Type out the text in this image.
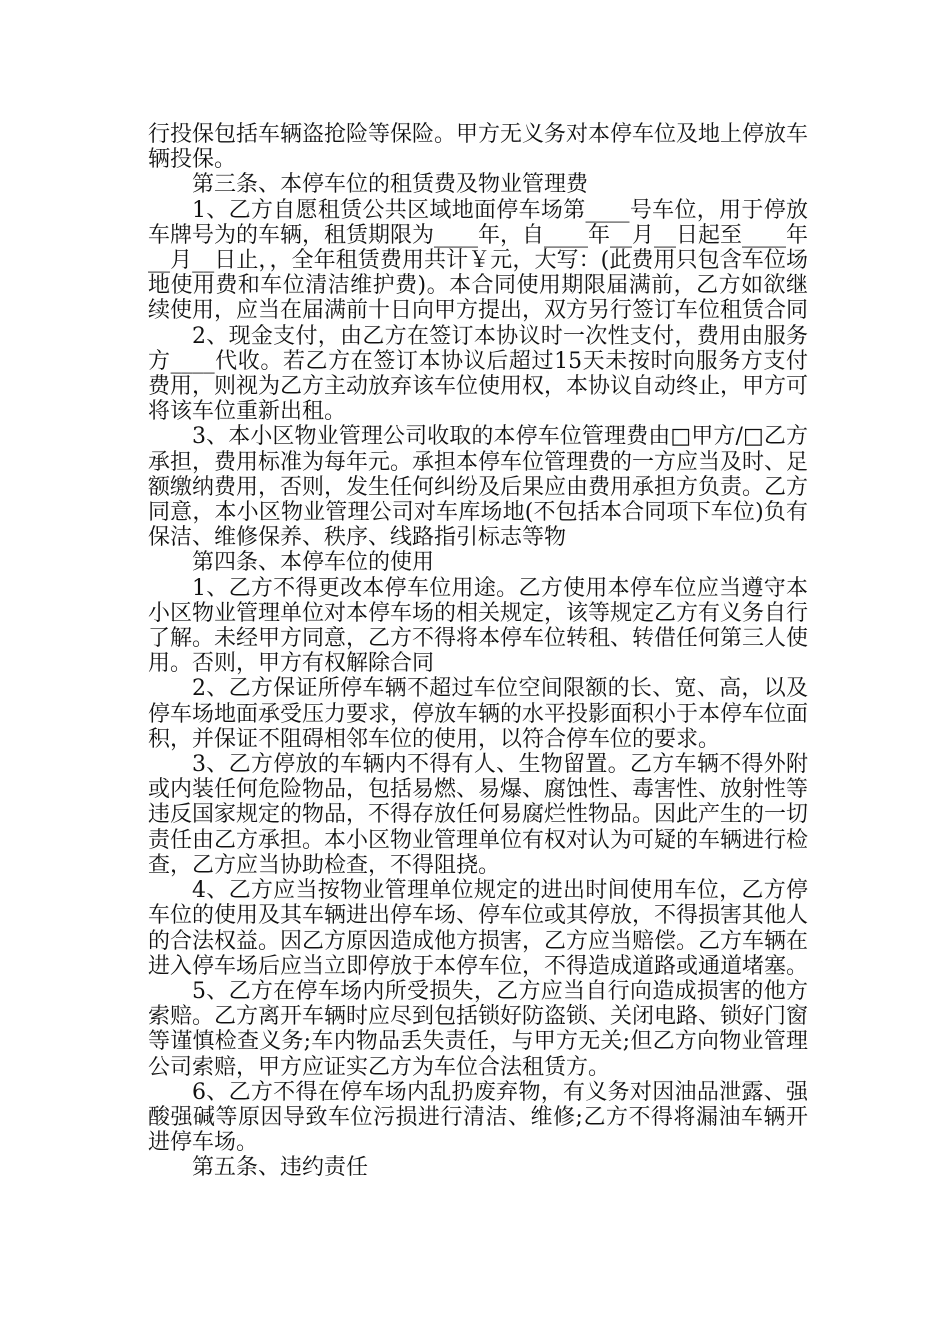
行投保包括车辆盗抢险等保险。甲方无义务对本停车位及地上停放车辆投保。

第三条、本停车位的租赁费及物业管理费

1、乙方自愿租赁公共区域地面停车场第____号车位，用于停放车牌号为的车辆，租赁期限为____年，自____年__月__日起至____年__月__日止，，全年租赁费用共计￥元，大写：(此费用只包含车位场地使用费和车位清洁维护费)。本合同使用期限届满前，乙方如欲继续使用，应当在届满前十日向甲方提出，双方另行签订车位租赁合同

2、现金支付，由乙方在签订本协议时一次性支付，费用由服务方____代收。若乙方在签订本协议后超过15天未按时向服务方支付费用，则视为乙方主动放弃该车位使用权，本协议自动终止，甲方可将该车位重新出租。

3、本小区物业管理公司收取的本停车位管理费由□甲方/□乙方承担，费用标准为每年元。承担本停车位管理费的一方应当及时、足额缴纳费用，否则，发生任何纠纷及后果应由费用承担方负责。乙方同意，本小区物业管理公司对车库场地(不包括本合同项下车位)负有保洁、维修保养、秩序、线路指引标志等物

第四条、本停车位的使用

1、乙方不得更改本停车位用途。乙方使用本停车位应当遵守本小区物业管理单位对本停车场的相关规定，该等规定乙方有义务自行了解。未经甲方同意，乙方不得将本停车位转租、转借任何第三人使用。否则，甲方有权解除合同

2、乙方保证所停车辆不超过车位空间限额的长、宽、高，以及停车场地面承受压力要求，停放车辆的水平投影面积小于本停车位面积，并保证不阻碍相邻车位的使用，以符合停车位的要求。

3、乙方停放的车辆内不得有人、生物留置。乙方车辆不得外附或内装任何危险物品，包括易燃、易爆、腐蚀性、毒害性、放射性等违反国家规定的物品，不得存放任何易腐烂性物品。因此产生的一切责任由乙方承担。本小区物业管理单位有权对认为可疑的车辆进行检查，乙方应当协助检查，不得阻挠。

4、乙方应当按物业管理单位规定的进出时间使用车位，乙方停车位的使用及其车辆进出停车场、停车位或其停放，不得损害其他人的合法权益。因乙方原因造成他方损害，乙方应当赔偿。乙方车辆在进入停车场后应当立即停放于本停车位，不得造成道路或通道堵塞。

5、乙方在停车场内所受损失，乙方应当自行向造成损害的他方索赔。乙方离开车辆时应尽到包括锁好防盗锁、关闭电路、锁好门窗等谨慎检查义务;车内物品丢失责任，与甲方无关;但乙方向物业管理公司索赔，甲方应证实乙方为车位合法租赁方。

6、乙方不得在停车场内乱扔废弃物，有义务对因油品泄露、强酸强碱等原因导致车位污损进行清洁、维修;乙方不得将漏油车辆开进停车场。

第五条、违约责任
